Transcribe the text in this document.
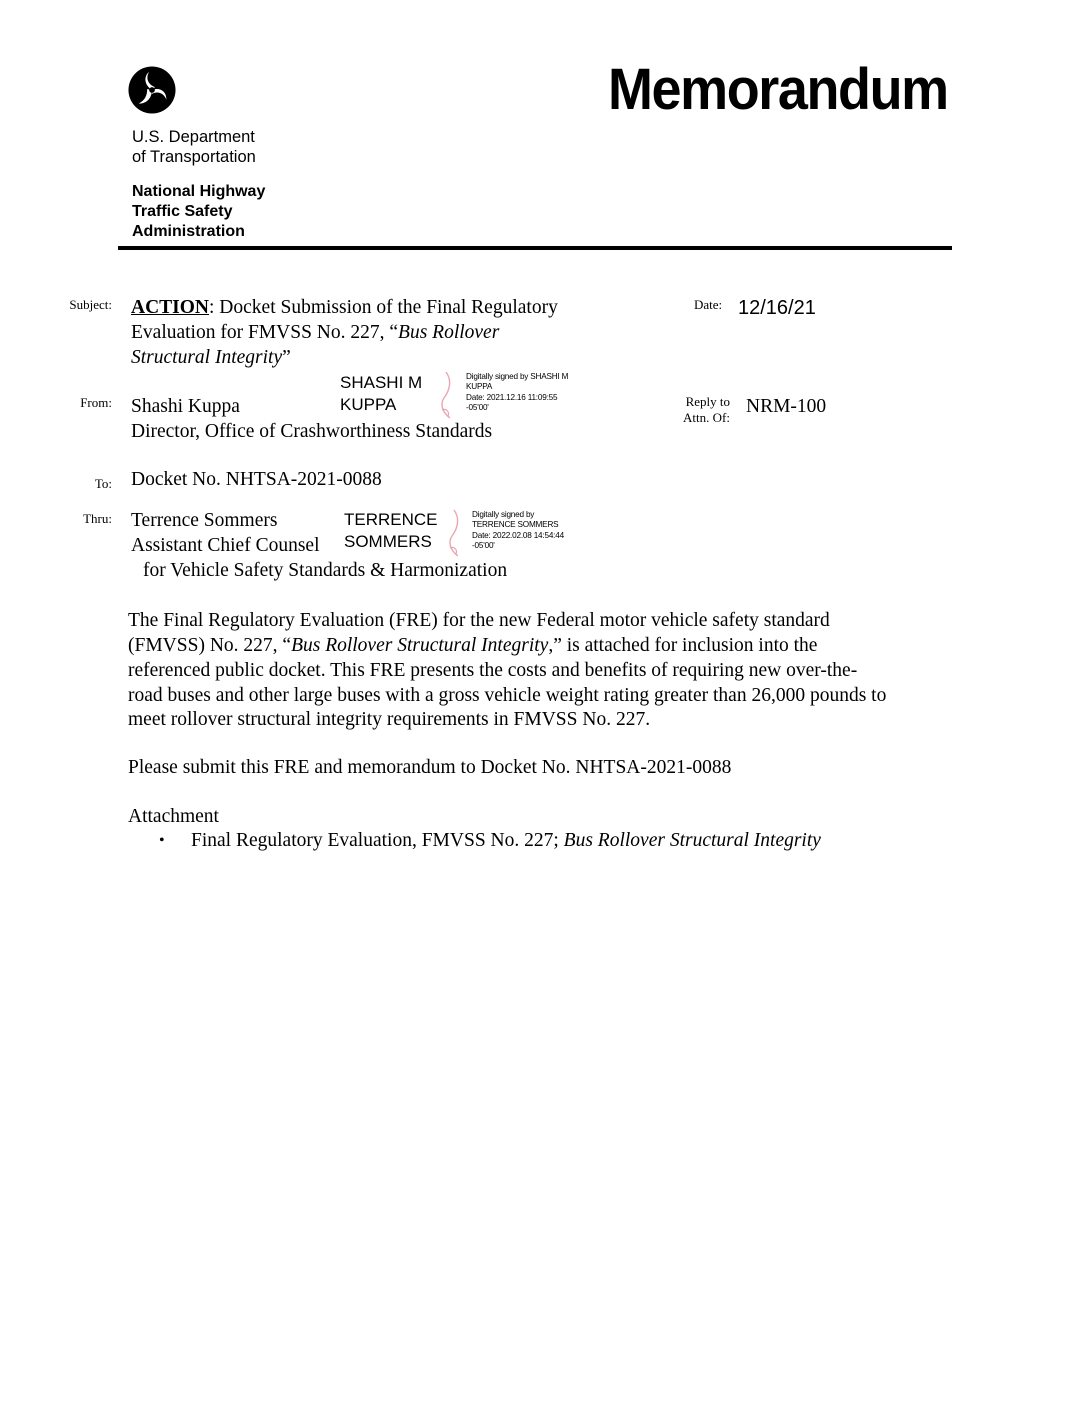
Memorandum
U.S. Department
of Transportation
National Highway
Traffic Safety
Administration
Subject: ACTION: Docket Submission of the Final Regulatory
Evaluation for FMVSS No. 227, “Bus Rollover
Structural Integrity”
Date: 12/16/21
From: Shashi Kuppa
Director, Office of Crashworthiness Standards
SHASHI M
KUPPA
Digitally signed by SHASHI M
KUPPA
Date: 2021.12.16 11:09:55
-05'00'	Reply to
Attn. Of:
NRM-100
To: Docket No. NHTSA-2021-0088
Thru: Terrence Sommers
Assistant Chief Counsel
for Vehicle Safety Standards & Harmonization
TERRENCE
SOMMERS
Digitally signed by
TERRENCE SOMMERS
Date: 2022.02.08 14:54:44
-05'00'
The Final Regulatory Evaluation (FRE) for the new Federal motor vehicle safety standard
(FMVSS) No. 227, “Bus Rollover Structural Integrity,” is attached for inclusion into the
referenced public docket. This FRE presents the costs and benefits of requiring new over-the-
road buses and other large buses with a gross vehicle weight rating greater than 26,000 pounds to
meet rollover structural integrity requirements in FMVSS No. 227.
Please submit this FRE and memorandum to Docket No. NHTSA-2021-0088
Attachment
• Final Regulatory Evaluation, FMVSS No. 227; Bus Rollover Structural Integrity
